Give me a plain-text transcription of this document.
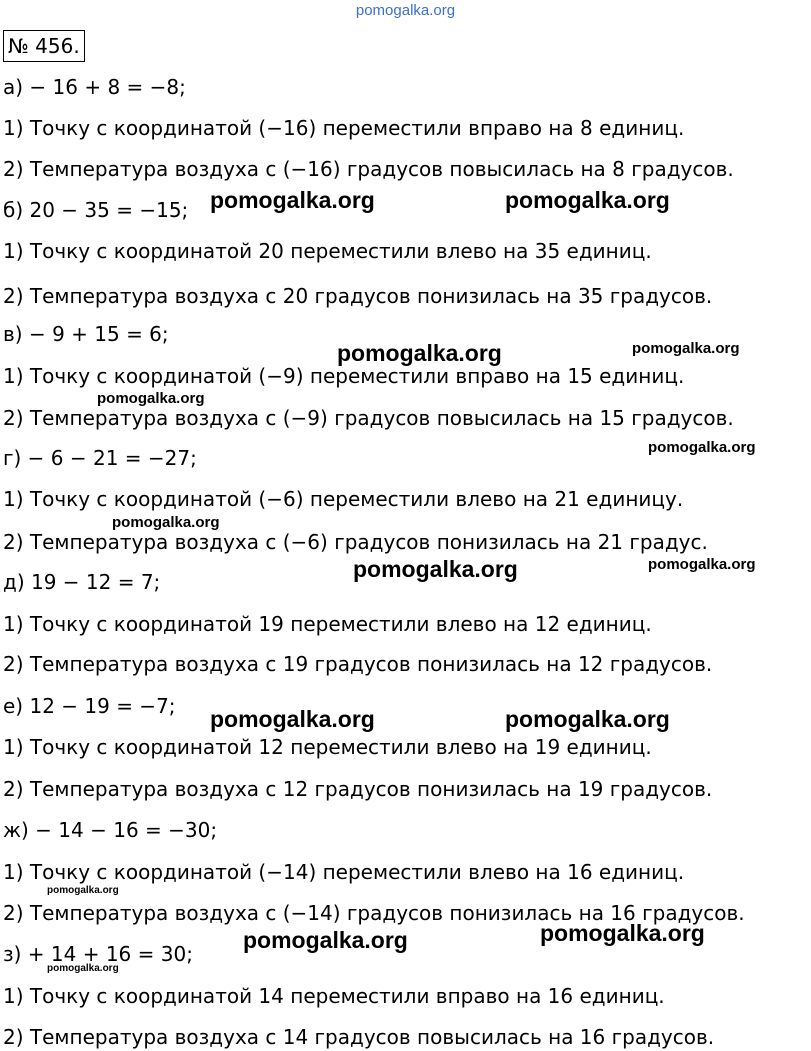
pomogalka.org
№ 456.
а) − 16 + 8 = −8;
1) Точку с координатой (−16) переместили вправо на 8 единиц.
2) Температура воздуха с (−16) градусов повысилась на 8 градусов.
б) 20 − 35 = −15;
1) Точку с координатой 20 переместили влево на 35 единиц.
2) Температура воздуха с 20 градусов понизилась на 35 градусов.
в) − 9 + 15 = 6;
1) Точку с координатой (−9) переместили вправо на 15 единиц.
2) Температура воздуха с (−9) градусов повысилась на 15 градусов.
г) − 6 − 21 = −27;
1) Точку с координатой (−6) переместили влево на 21 единицу.
2) Температура воздуха с (−6) градусов понизилась на 21 градус.
д) 19 − 12 = 7;
1) Точку с координатой 19 переместили влево на 12 единиц.
2) Температура воздуха с 19 градусов понизилась на 12 градусов.
е) 12 − 19 = −7;
1) Точку с координатой 12 переместили влево на 19 единиц.
2) Температура воздуха с 12 градусов понизилась на 19 градусов.
ж) − 14 − 16 = −30;
1) Точку с координатой (−14) переместили влево на 16 единиц.
2) Температура воздуха с (−14) градусов понизилась на 16 градусов.
з) + 14 + 16 = 30;
1) Точку с координатой 14 переместили вправо на 16 единиц.
2) Температура воздуха с 14 градусов повысилась на 16 градусов.
pomogalka.org	pomogalka.org
pomogalka.org	pomogalka.org
pomogalka.org
pomogalka.org
pomogalka.org
pomogalka.org	pomogalka.org
pomogalka.org	pomogalka.org
pomogalka.org
pomogalka.org	pomogalka.org
pomogalka.org
